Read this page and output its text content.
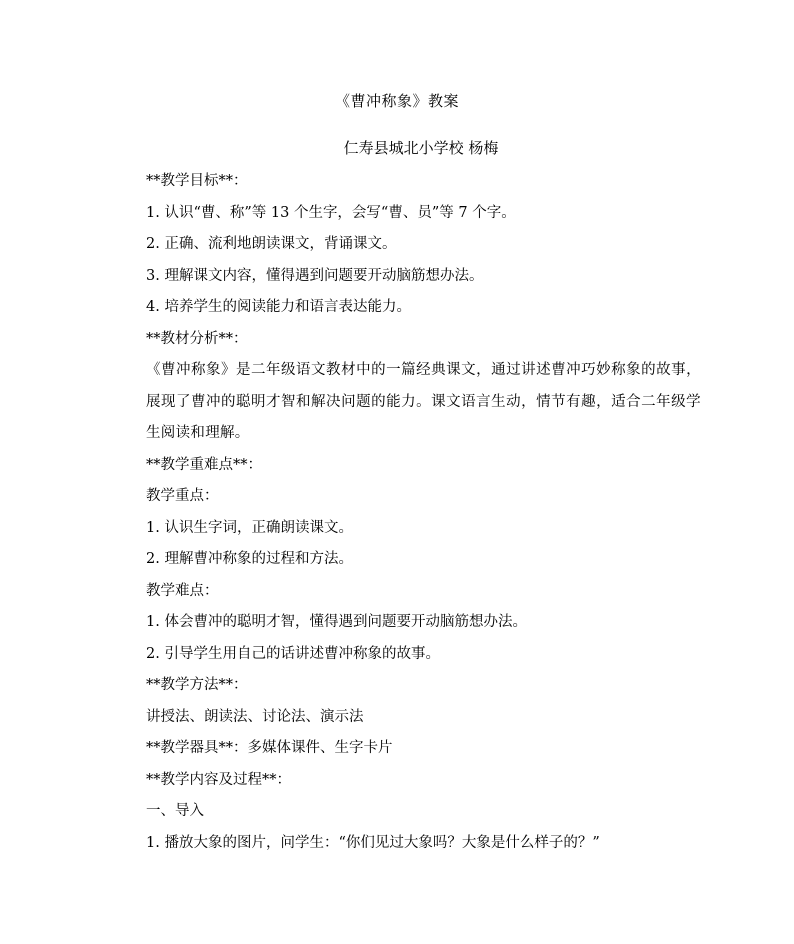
《曹冲称象》教案
仁寿县城北小学校 杨梅
**教学目标**：
1. 认识“曹、称”等 13 个生字，会写“曹、员”等 7 个字。
2. 正确、流利地朗读课文，背诵课文。
3. 理解课文内容，懂得遇到问题要开动脑筋想办法。
4. 培养学生的阅读能力和语言表达能力。
**教材分析**：
《曹冲称象》是二年级语文教材中的一篇经典课文，通过讲述曹冲巧妙称象的故事，展现了曹冲的聪明才智和解决问题的能力。课文语言生动，情节有趣，适合二年级学生阅读和理解。
**教学重难点**：
教学重点：
1. 认识生字词，正确朗读课文。
2. 理解曹冲称象的过程和方法。
教学难点：
1. 体会曹冲的聪明才智，懂得遇到问题要开动脑筋想办法。
2. 引导学生用自己的话讲述曹冲称象的故事。
**教学方法**：
讲授法、朗读法、讨论法、演示法
**教学器具**：多媒体课件、生字卡片
**教学内容及过程**：
一、导入
1. 播放大象的图片，问学生：“你们见过大象吗？大象是什么样子的？”
